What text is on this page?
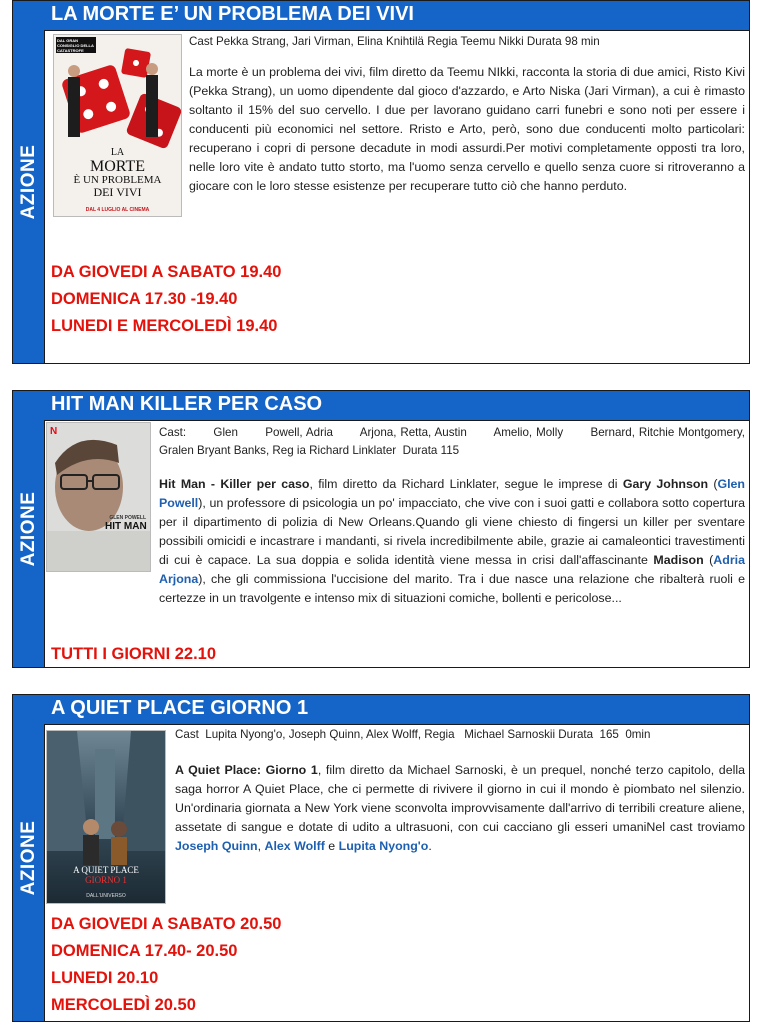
AZIONE
LA MORTE E’ UN PROBLEMA DEI VIVI
DAL GRAN CONSIGLIO DELLA CATASTROFE
LA
MORTE
È UN PROBLEMA
DEI VIVI
DAL 4 LUGLIO AL CINEMA
Cast Pekka Strang, Jari Virman, Elina Knihtilä Regia Teemu Nikki Durata 98 min
La morte è un problema dei vivi, film diretto da Teemu NIkki, racconta la storia di due amici, Risto Kivi (Pekka Strang), un uomo dipendente dal gioco d'azzardo, e Arto Niska (Jari Virman), a cui è rimasto soltanto il 15% del suo cervello. I due per lavorano guidano carri funebri e sono noti per essere i conducenti più economici nel settore. Rristo e Arto, però, sono due conducenti molto particolari: recuperano i copri di persone decadute in modi assurdi.Per motivi completamente opposti tra loro, nelle loro vite è andato tutto storto, ma l'uomo senza cervello e quello senza cuore si ritroveranno a giocare con le loro stesse esistenze per recuperare tutto ciò che hanno perduto.
DA GIOVEDI A SABATO 19.40
DOMENICA 17.30 -19.40
LUNEDI E MERCOLEDÌ 19.40
AZIONE
HIT MAN KILLER PER CASO
GLEN POWELL
HIT MAN
N	Cast:       Glen       Powell, Adria       Arjona, Retta, Austin       Amelio, Molly       Bernard, Ritchie Montgomery, Gralen Bryant Banks, Reg ia Richard Linklater  Durata 115
Hit Man - Killer per caso, film diretto da Richard Linklater, segue le imprese di Gary Johnson (Glen Powell), un professore di psicologia un po' impacciato, che vive con i suoi gatti e collabora sotto copertura per il dipartimento di polizia di New Orleans.Quando gli viene chiesto di fingersi un killer per sventare possibili omicidi e incastrare i mandanti, si rivela incredibilmente abile, grazie ai camaleontici travestimenti di cui è capace. La sua doppia e solida identità viene messa in crisi dall'affascinante Madison (Adria Arjona), che gli commissiona l'uccisione del marito. Tra i due nasce una relazione che ribalterà ruoli e certezze in un travolgente e intenso mix di situazioni comiche, bollenti e pericolose...
TUTTI I GIORNI 22.10
AZIONE
A QUIET PLACE GIORNO 1
A QUIET PLACE
GIORNO 1
DALL'UNIVERSO
Cast  Lupita Nyong'o, Joseph Quinn, Alex Wolff, Regia   Michael Sarnoskii Durata  165  0min
A Quiet Place: Giorno 1, film diretto da Michael Sarnoski, è un prequel, nonché terzo capitolo, della saga horror A Quiet Place, che ci permette di rivivere il giorno in cui il mondo è piombato nel silenzio. Un'ordinaria giornata a New York viene sconvolta improvvisamente dall'arrivo di terribili creature aliene, assetate di sangue e dotate di udito a ultrasuoni, con cui cacciano gli esseri umaniNel cast troviamo Joseph Quinn, Alex Wolff e Lupita Nyong'o.
DA GIOVEDI A SABATO 20.50
DOMENICA 17.40- 20.50
LUNEDI 20.10
MERCOLEDÌ 20.50
